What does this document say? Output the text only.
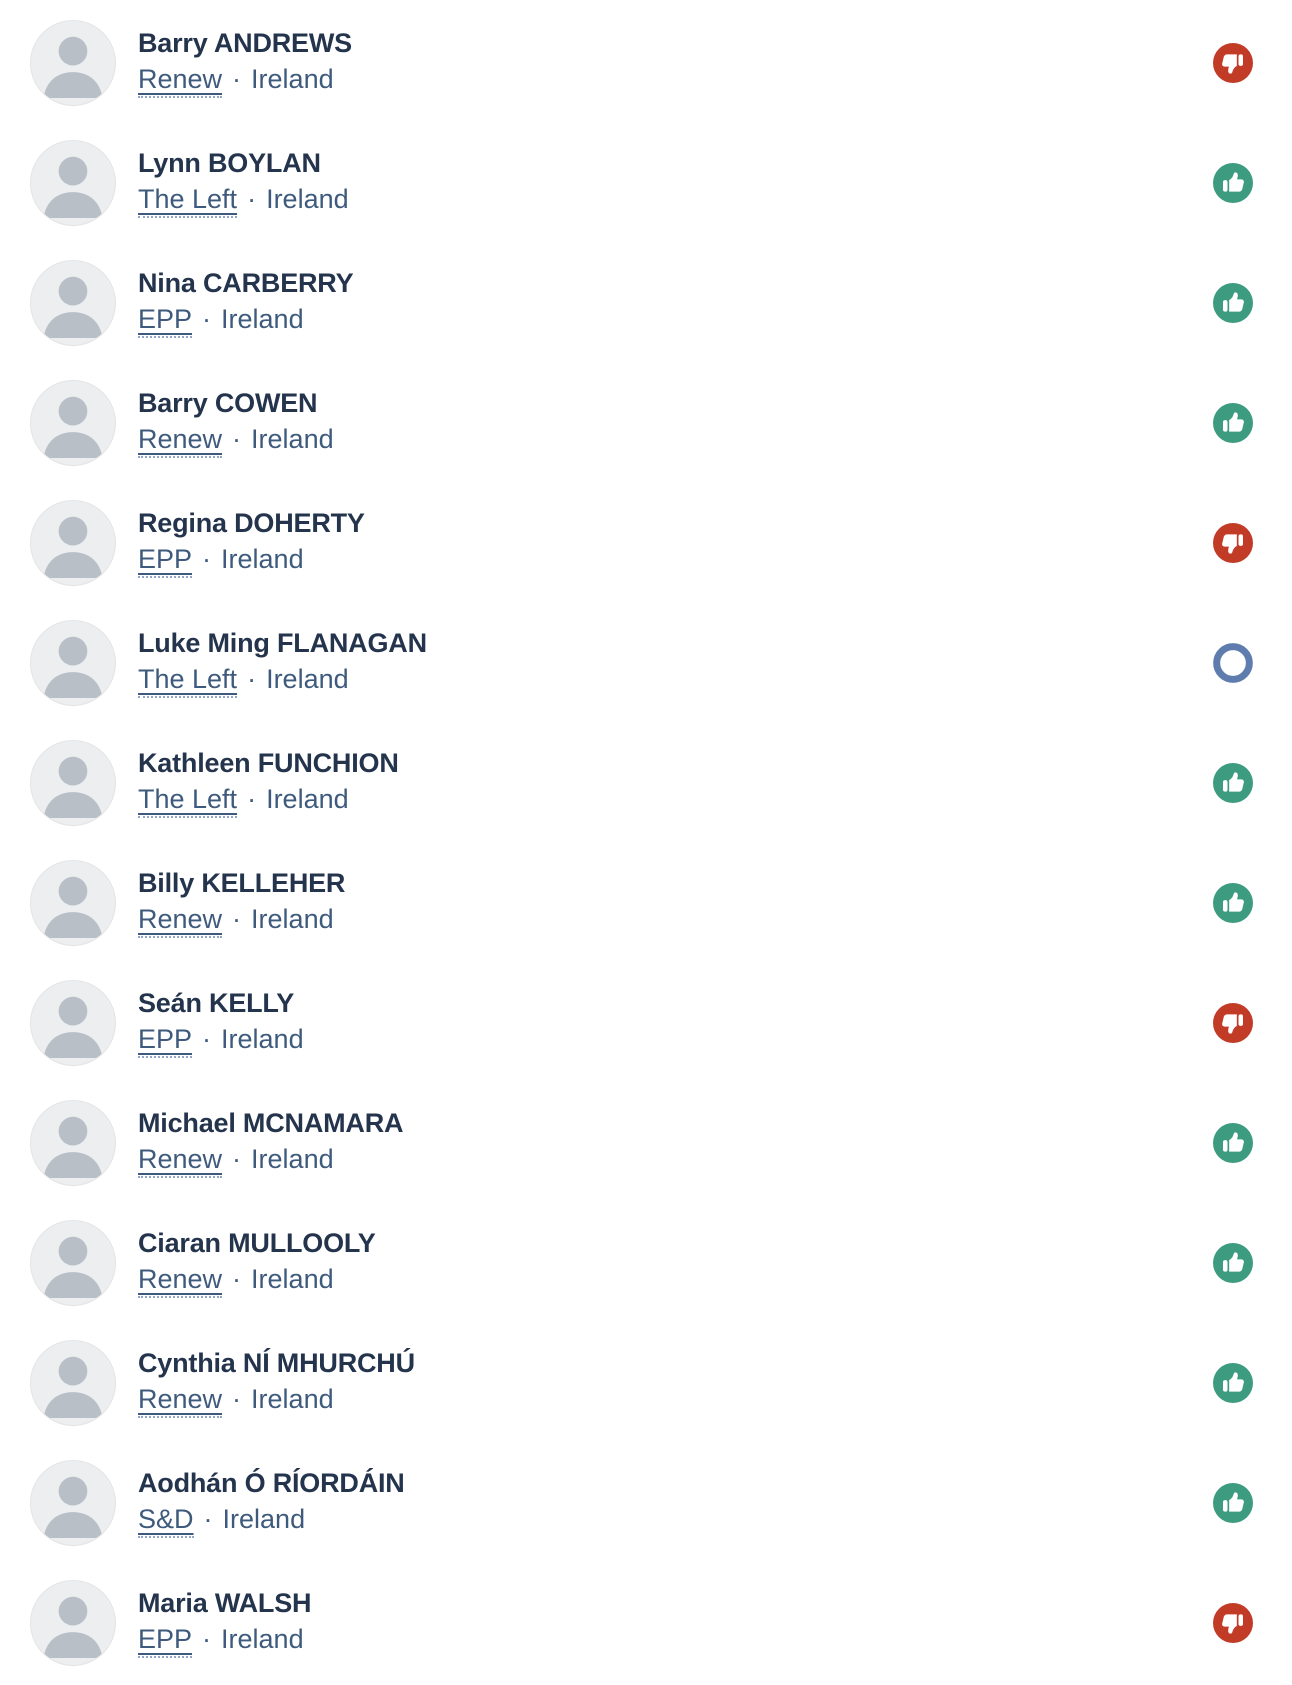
Barry ANDREWS
Renew · Ireland
Lynn BOYLAN
The Left · Ireland
Nina CARBERRY
EPP · Ireland
Barry COWEN
Renew · Ireland
Regina DOHERTY
EPP · Ireland
Luke Ming FLANAGAN
The Left · Ireland
Kathleen FUNCHION
The Left · Ireland
Billy KELLEHER
Renew · Ireland
Seán KELLY
EPP · Ireland
Michael MCNAMARA
Renew · Ireland
Ciaran MULLOOLY
Renew · Ireland
Cynthia NÍ MHURCHÚ
Renew · Ireland
Aodhán Ó RÍORDÁIN
S&D · Ireland
Maria WALSH
EPP · Ireland
